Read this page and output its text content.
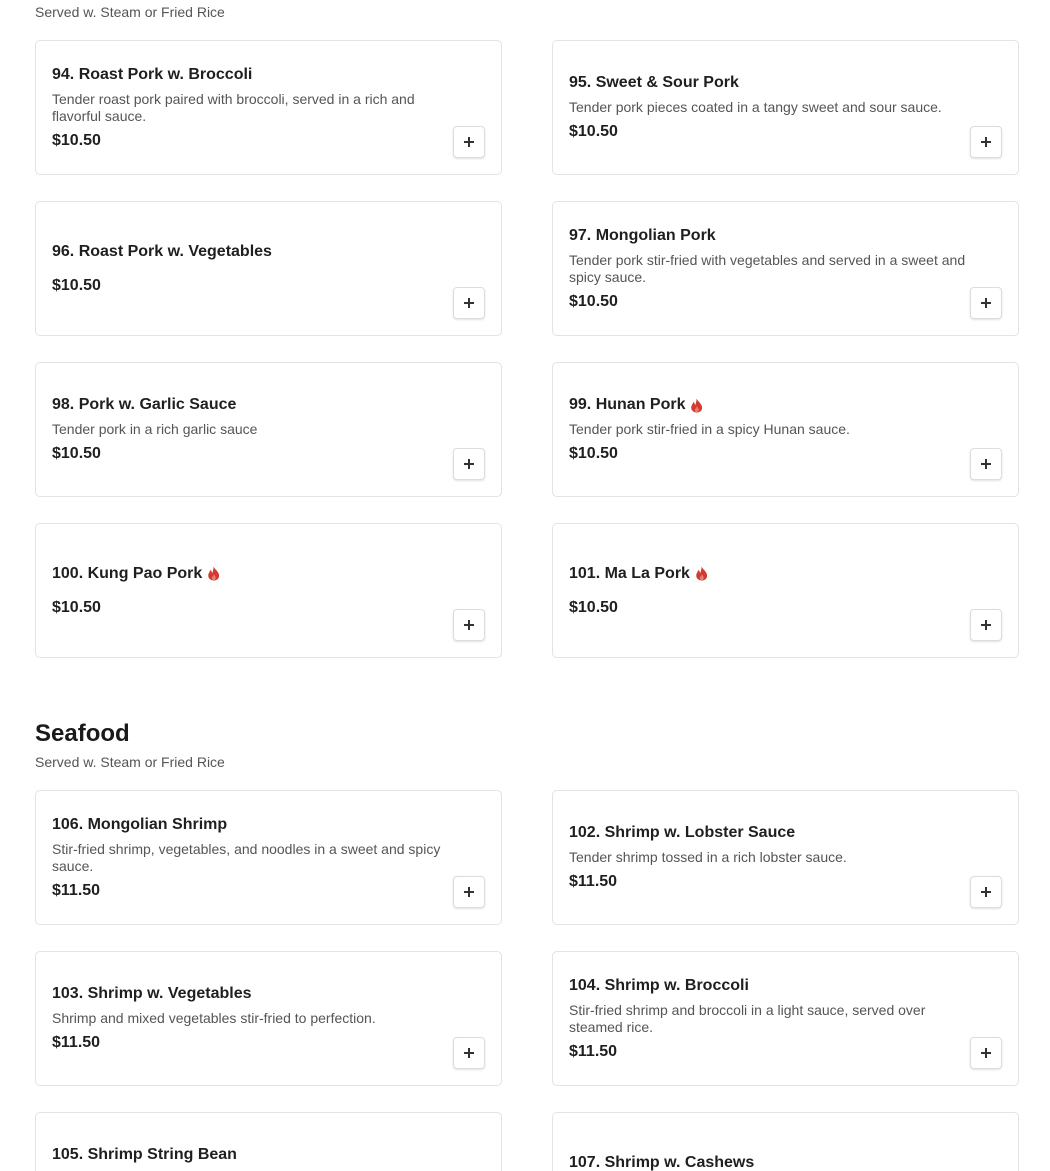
Served w. Steam or Fried Rice
94. Roast Pork w. Broccoli
Tender roast pork paired with broccoli, served in a rich and flavorful sauce.
$10.50
95. Sweet & Sour Pork
Tender pork pieces coated in a tangy sweet and sour sauce.
$10.50
96. Roast Pork w. Vegetables
$10.50
97. Mongolian Pork
Tender pork stir-fried with vegetables and served in a sweet and spicy sauce.
$10.50
98. Pork w. Garlic Sauce
Tender pork in a rich garlic sauce
$10.50
99. Hunan Pork
Tender pork stir-fried in a spicy Hunan sauce.
$10.50
100. Kung Pao Pork
$10.50
101. Ma La Pork
$10.50
Seafood
Served w. Steam or Fried Rice
106. Mongolian Shrimp
Stir-fried shrimp, vegetables, and noodles in a sweet and spicy sauce.
$11.50
102. Shrimp w. Lobster Sauce
Tender shrimp tossed in a rich lobster sauce.
$11.50
103. Shrimp w. Vegetables
Shrimp and mixed vegetables stir-fried to perfection.
$11.50
104. Shrimp w. Broccoli
Stir-fried shrimp and broccoli in a light sauce, served over steamed rice.
$11.50
105. Shrimp String Bean	107. Shrimp w. Cashews
